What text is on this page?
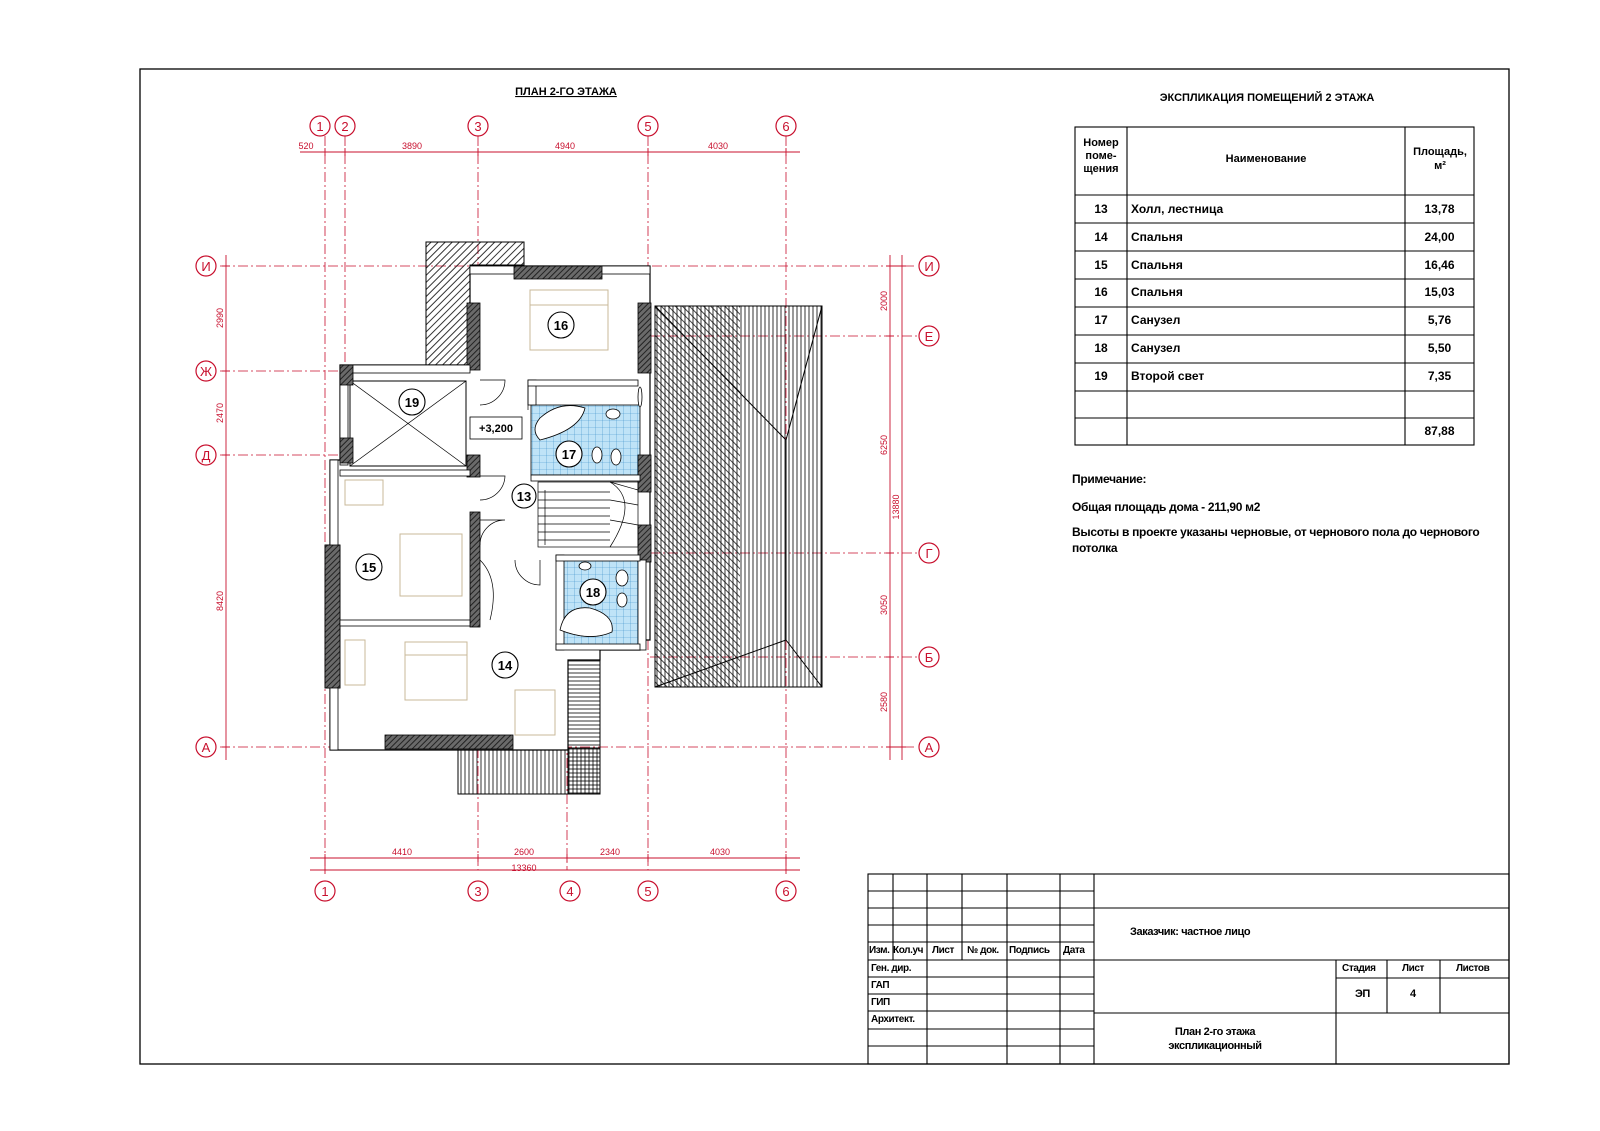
ПЛАН 2-ГО ЭТАЖА
520	3890	4940	4030
4410	2600	2340	4030
13360
2990
2470
8420
2000
6250
3050
2580
13880
1 2	3	5	6
1	3	4	5	6
И
Ж
Д
А
И
Е
Г
Б
А
16
19
17
13
15
18
14
+3,200
ЭКСПЛИКАЦИЯ ПОМЕЩЕНИЙ 2 ЭТАЖА
Номер поме- щения
Наименование
Площадь, м²
13	Холл, лестница	13,78
14	Спальня	24,00
15	Спальня	16,46
16	Спальня	15,03
17	Санузел	5,76
18	Санузел	5,50
19	Второй свет	7,35
87,88
Примечание:
Общая площадь дома - 211,90 м2
Высоты в проекте указаны черновые, от чернового пола до чернового потолка
Изм. Кол.уч Лист № док. Подпись Дата
Ген. дир.
ГАП
ГИП
Архитект.
Заказчик: частное лицо
Стадия	Лист	Листов
ЭП	4
План 2-го этажа
экспликационный
